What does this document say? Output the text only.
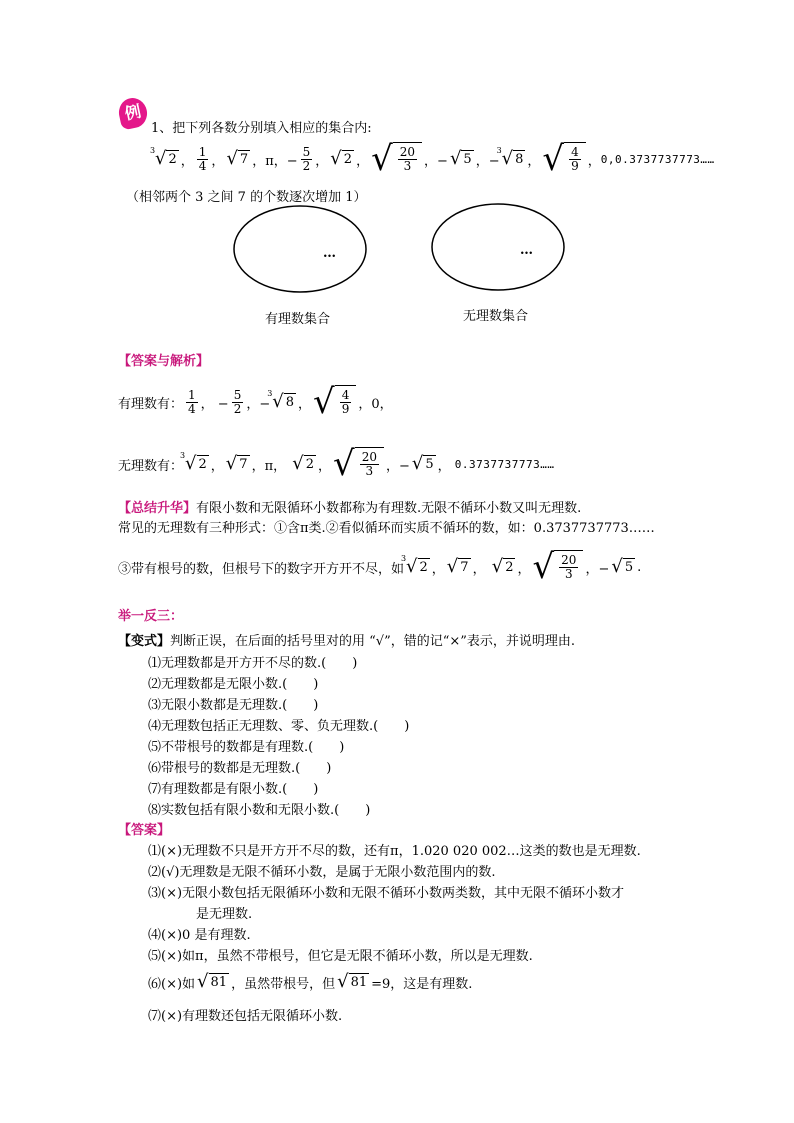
例
1、把下列各数分别填入相应的集合内:
3 √ 2 ， $\frac{1}{4}$ ， √ 7 ，π，− $\frac{5}{2}$ ， √ 2 ， √ $\frac{20}{3}$ ，− √ 5 ，−
3 √ 8 ， √ $\frac{4}{9}$ ， 0,0.3737737773……
（相邻两个 3 之间 7 的个数逐次增加 1）
…	…
有理数集合	无理数集合
【答案与解析】
有理数有： $\frac{1}{4}$ ， − $\frac{5}{2}$ ，−
3 √ 8 ， √ $\frac{4}{9}$ ，0，
无理数有：
3 √ 2 ， √ 7 ，π， √ 2 ， √ $\frac{20}{3}$ ，− √ 5 ， 0.3737737773……
【总结升华】有限小数和无限循环小数都称为有理数.无限不循环小数又叫无理数.
常见的无理数有三种形式：①含π类.②看似循环而实质不循环的数，如：0.3737737773……
③带有根号的数，但根号下的数字开方开不尽，如
3 √ 2 ， √ 7 ， √ 2 ， √ $\frac{20}{3}$ ，− √ 5 .
举一反三：
【变式】判断正误，在后面的括号里对的用 “√”，错的记“×”表示，并说明理由.
⑴无理数都是开方开不尽的数.(　　)
⑵无理数都是无限小数.(　　)
⑶无限小数都是无理数.(　　)
⑷无理数包括正无理数、零、负无理数.(　　)
⑸不带根号的数都是有理数.(　　)
⑹带根号的数都是无理数.(　　)
⑺有理数都是有限小数.(　　)
⑻实数包括有限小数和无限小数.(　　)
【答案】
⑴(×)无理数不只是开方开不尽的数，还有π，1.020 020 002…这类的数也是无理数.
⑵(√)无理数是无限不循环小数，是属于无限小数范围内的数.
⑶(×)无限小数包括无限循环小数和无限不循环小数两类数，其中无限不循环小数才
是无理数.
⑷(×)0 是有理数.
⑸(×)如π，虽然不带根号，但它是无限不循环小数，所以是无理数.
⑹(×)如 √ 81 ，虽然带根号，但 √ 81 =9，这是有理数.
⑺(×)有理数还包括无限循环小数.
